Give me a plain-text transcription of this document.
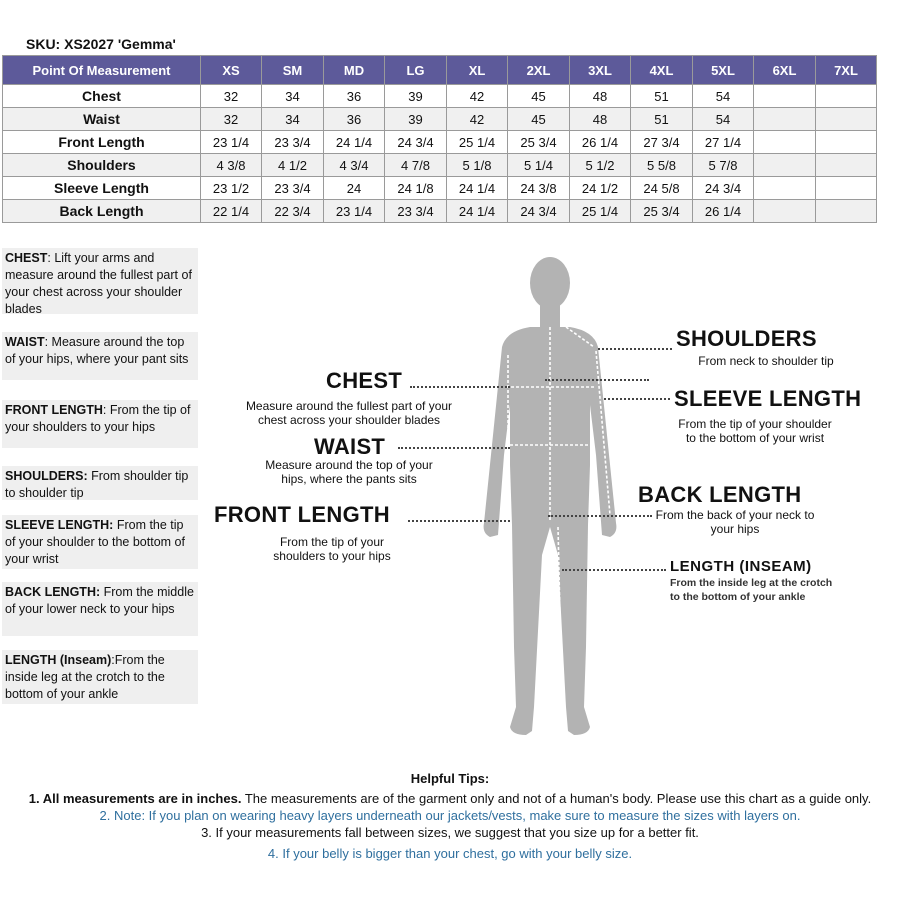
SKU: XS2027 'Gemma'
Point Of Measurement	XS	SM	MD	LG	XL	2XL	3XL	4XL	5XL	6XL	7XL
Chest	32	34	36	39	42	45	48	51	54		
Waist	32	34	36	39	42	45	48	51	54		
Front Length	23 1/4	23 3/4	24 1/4	24 3/4	25 1/4	25 3/4	26 1/4	27 3/4	27 1/4		
Shoulders	4 3/8	4 1/2	4 3/4	4 7/8	5 1/8	5 1/4	5 1/2	5 5/8	5 7/8		
Sleeve Length	23 1/2	23 3/4	24	24 1/8	24 1/4	24 3/8	24 1/2	24 5/8	24 3/4		
Back Length	22 1/4	22 3/4	23 1/4	23 3/4	24 1/4	24 3/4	25 1/4	25 3/4	26 1/4		
CHEST: Lift your arms and measure around the fullest part of your chest across your shoulder blades
WAIST: Measure around the top of your hips, where your pant sits
FRONT LENGTH: From the tip of your shoulders to your hips
SHOULDERS: From shoulder tip to shoulder tip
SLEEVE LENGTH: From the tip of your shoulder to the bottom of your wrist
BACK LENGTH: From the middle of your lower neck to your hips
LENGTH (Inseam):From the inside leg at the crotch to the bottom of your ankle
CHEST
Measure around the fullest part of your chest across your shoulder blades
WAIST
Measure around the top of your hips, where the pants sits
FRONT LENGTH
From the tip of your shoulders to your hips
SHOULDERS
From neck to shoulder tip
SLEEVE LENGTH
From the tip of your shoulder to the bottom of your wrist
BACK LENGTH
From the back of your neck to your hips
LENGTH (INSEAM)
From the inside leg at the crotch to the bottom of your ankle
Helpful Tips:
1. All measurements are in inches. The measurements are of the garment only and not of a human's body. Please use this chart as a guide only.
2. Note: If you plan on wearing heavy layers underneath our jackets/vests, make sure to measure the sizes with layers on.
3. If your measurements fall between sizes, we suggest that you size up for a better fit.
4. If your belly is bigger than your chest, go with your belly size.
